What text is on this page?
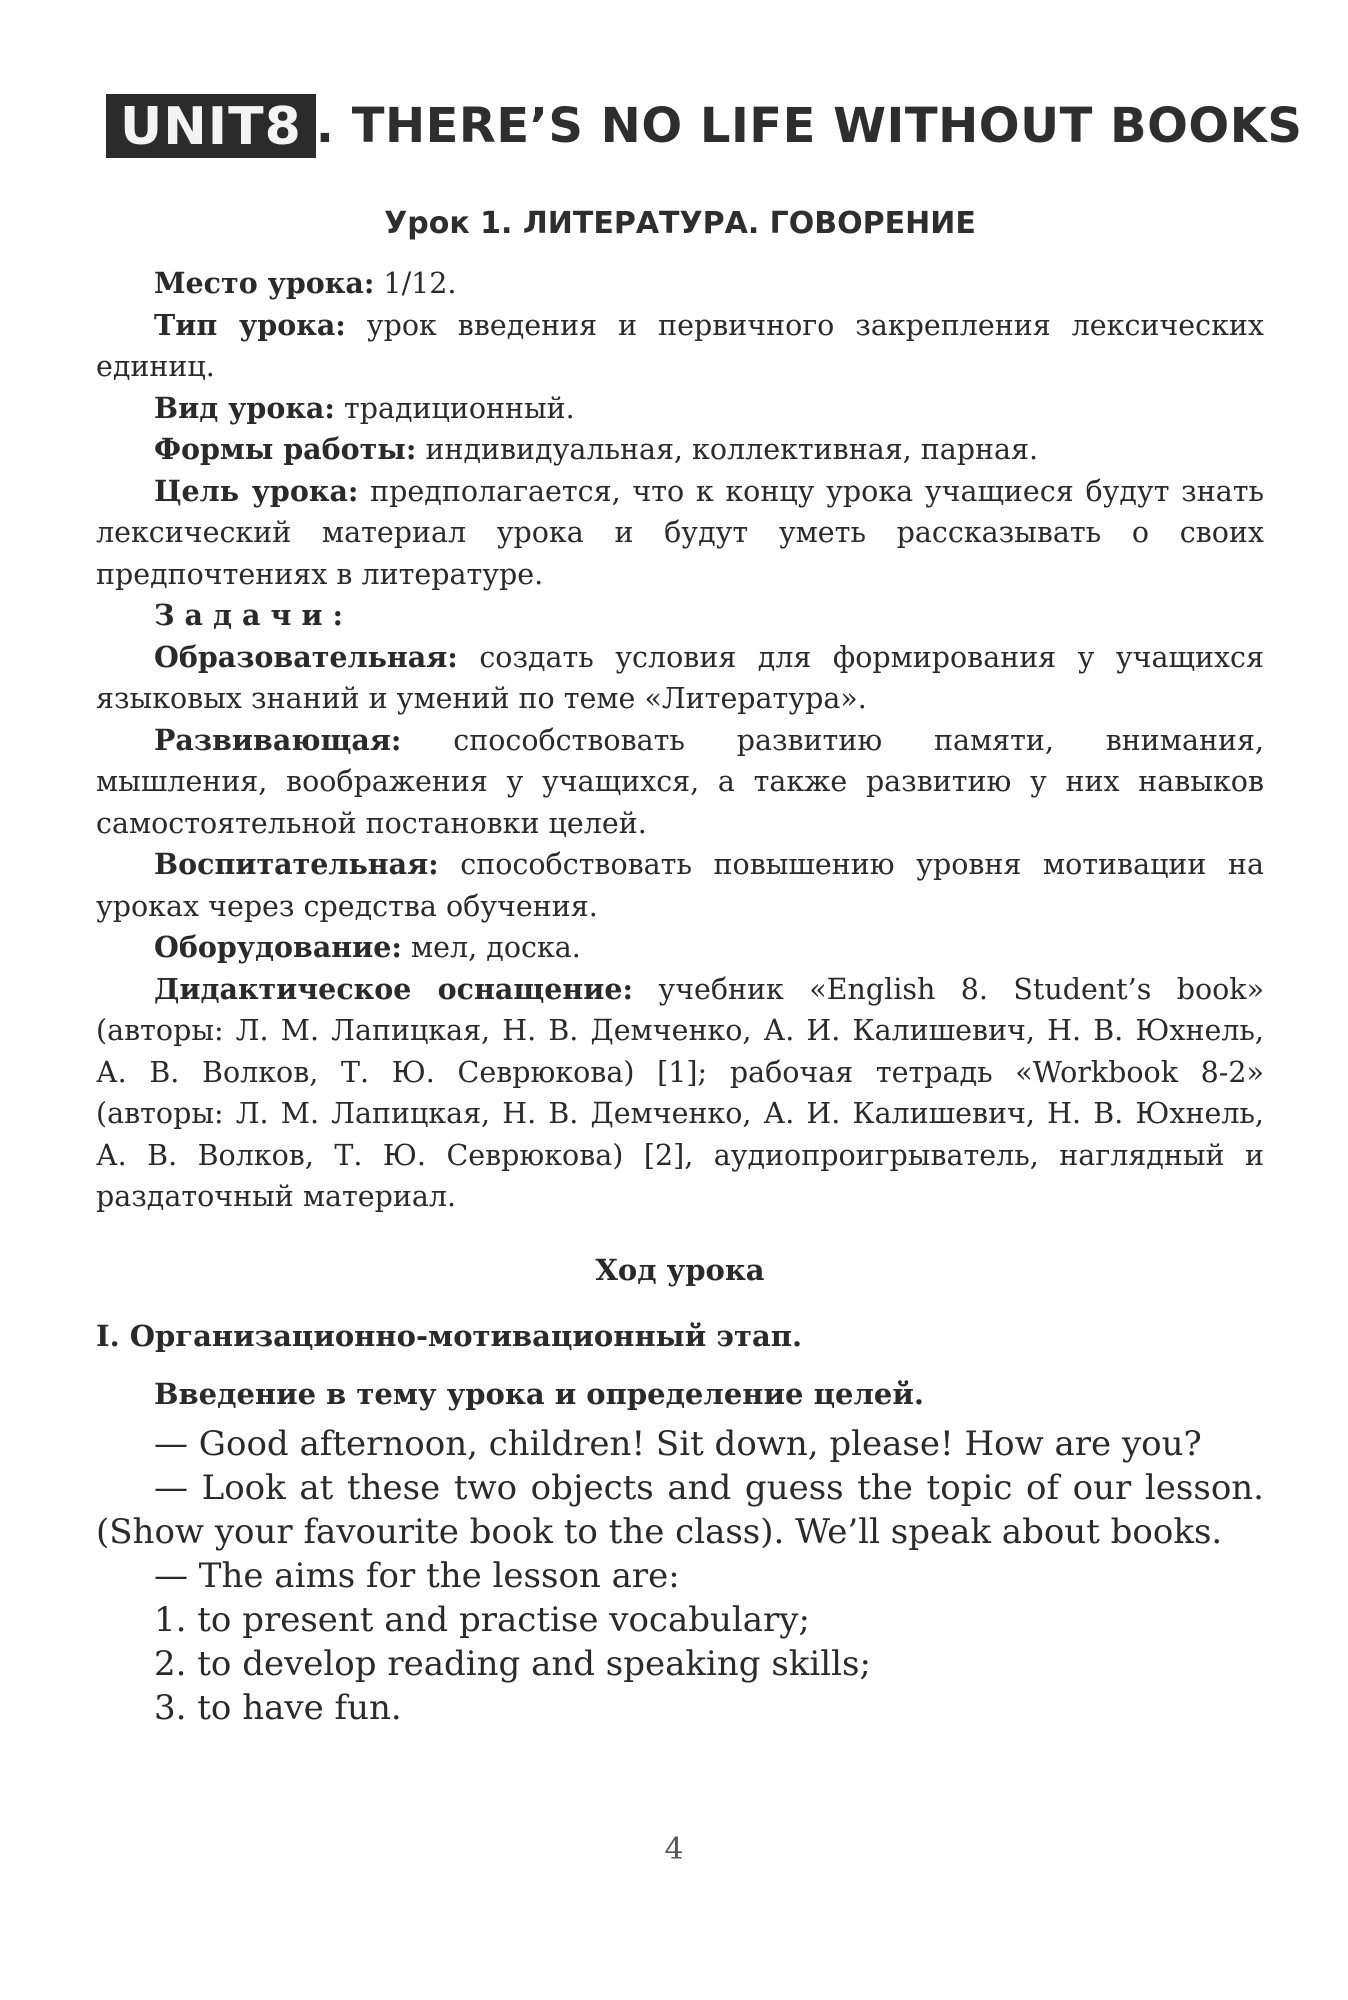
UNIT8 . THERE’S NO LIFE WITHOUT BOOKS
Урок 1. ЛИТЕРАТУРА. ГОВОРЕНИЕ

Место урока: 1/12.

Тип урока: урок введения и первичного закрепления лексических единиц.

Вид урока: традиционный.

Формы работы: индивидуальная, коллективная, парная.

Цель урока: предполагается, что к концу урока учащиеся будут знать лексический материал урока и будут уметь рассказывать о своих предпочтениях в литературе.

Задачи:

Образовательная: создать условия для формирования у учащихся языковых знаний и умений по теме «Литература».

Развивающая: способствовать развитию памяти, внимания, мышления, воображения у учащихся, а также развитию у них навыков самостоятельной постановки целей.

Воспитательная: способствовать повышению уровня мотивации на уроках через средства обучения.

Оборудование: мел, доска.

Дидактическое оснащение: учебник «English 8. Student’s book» (авторы: Л. М. Лапицкая, Н. В. Демченко, А. И. Калишевич, Н. В. Юхнель, А. В. Волков, Т. Ю. Севрюкова) [1]; рабочая тетрадь «Workbook 8-2» (авторы: Л. М. Лапицкая, Н. В. Демченко, А. И. Калишевич, Н. В. Юхнель, А. В. Волков, Т. Ю. Севрюкова) [2], аудиопроигрыватель, наглядный и раздаточный материал.

Ход урока
I. Организационно-мотивационный этап.
Введение в тему урока и определение целей.

— Good afternoon, children! Sit down, please! How are you?

— Look at these two objects and guess the topic of our lesson. (Show your favourite book to the class). We’ll speak about books.

— The aims for the lesson are:

1. to present and practise vocabulary;
2. to develop reading and speaking skills;
3. to have fun.
4
